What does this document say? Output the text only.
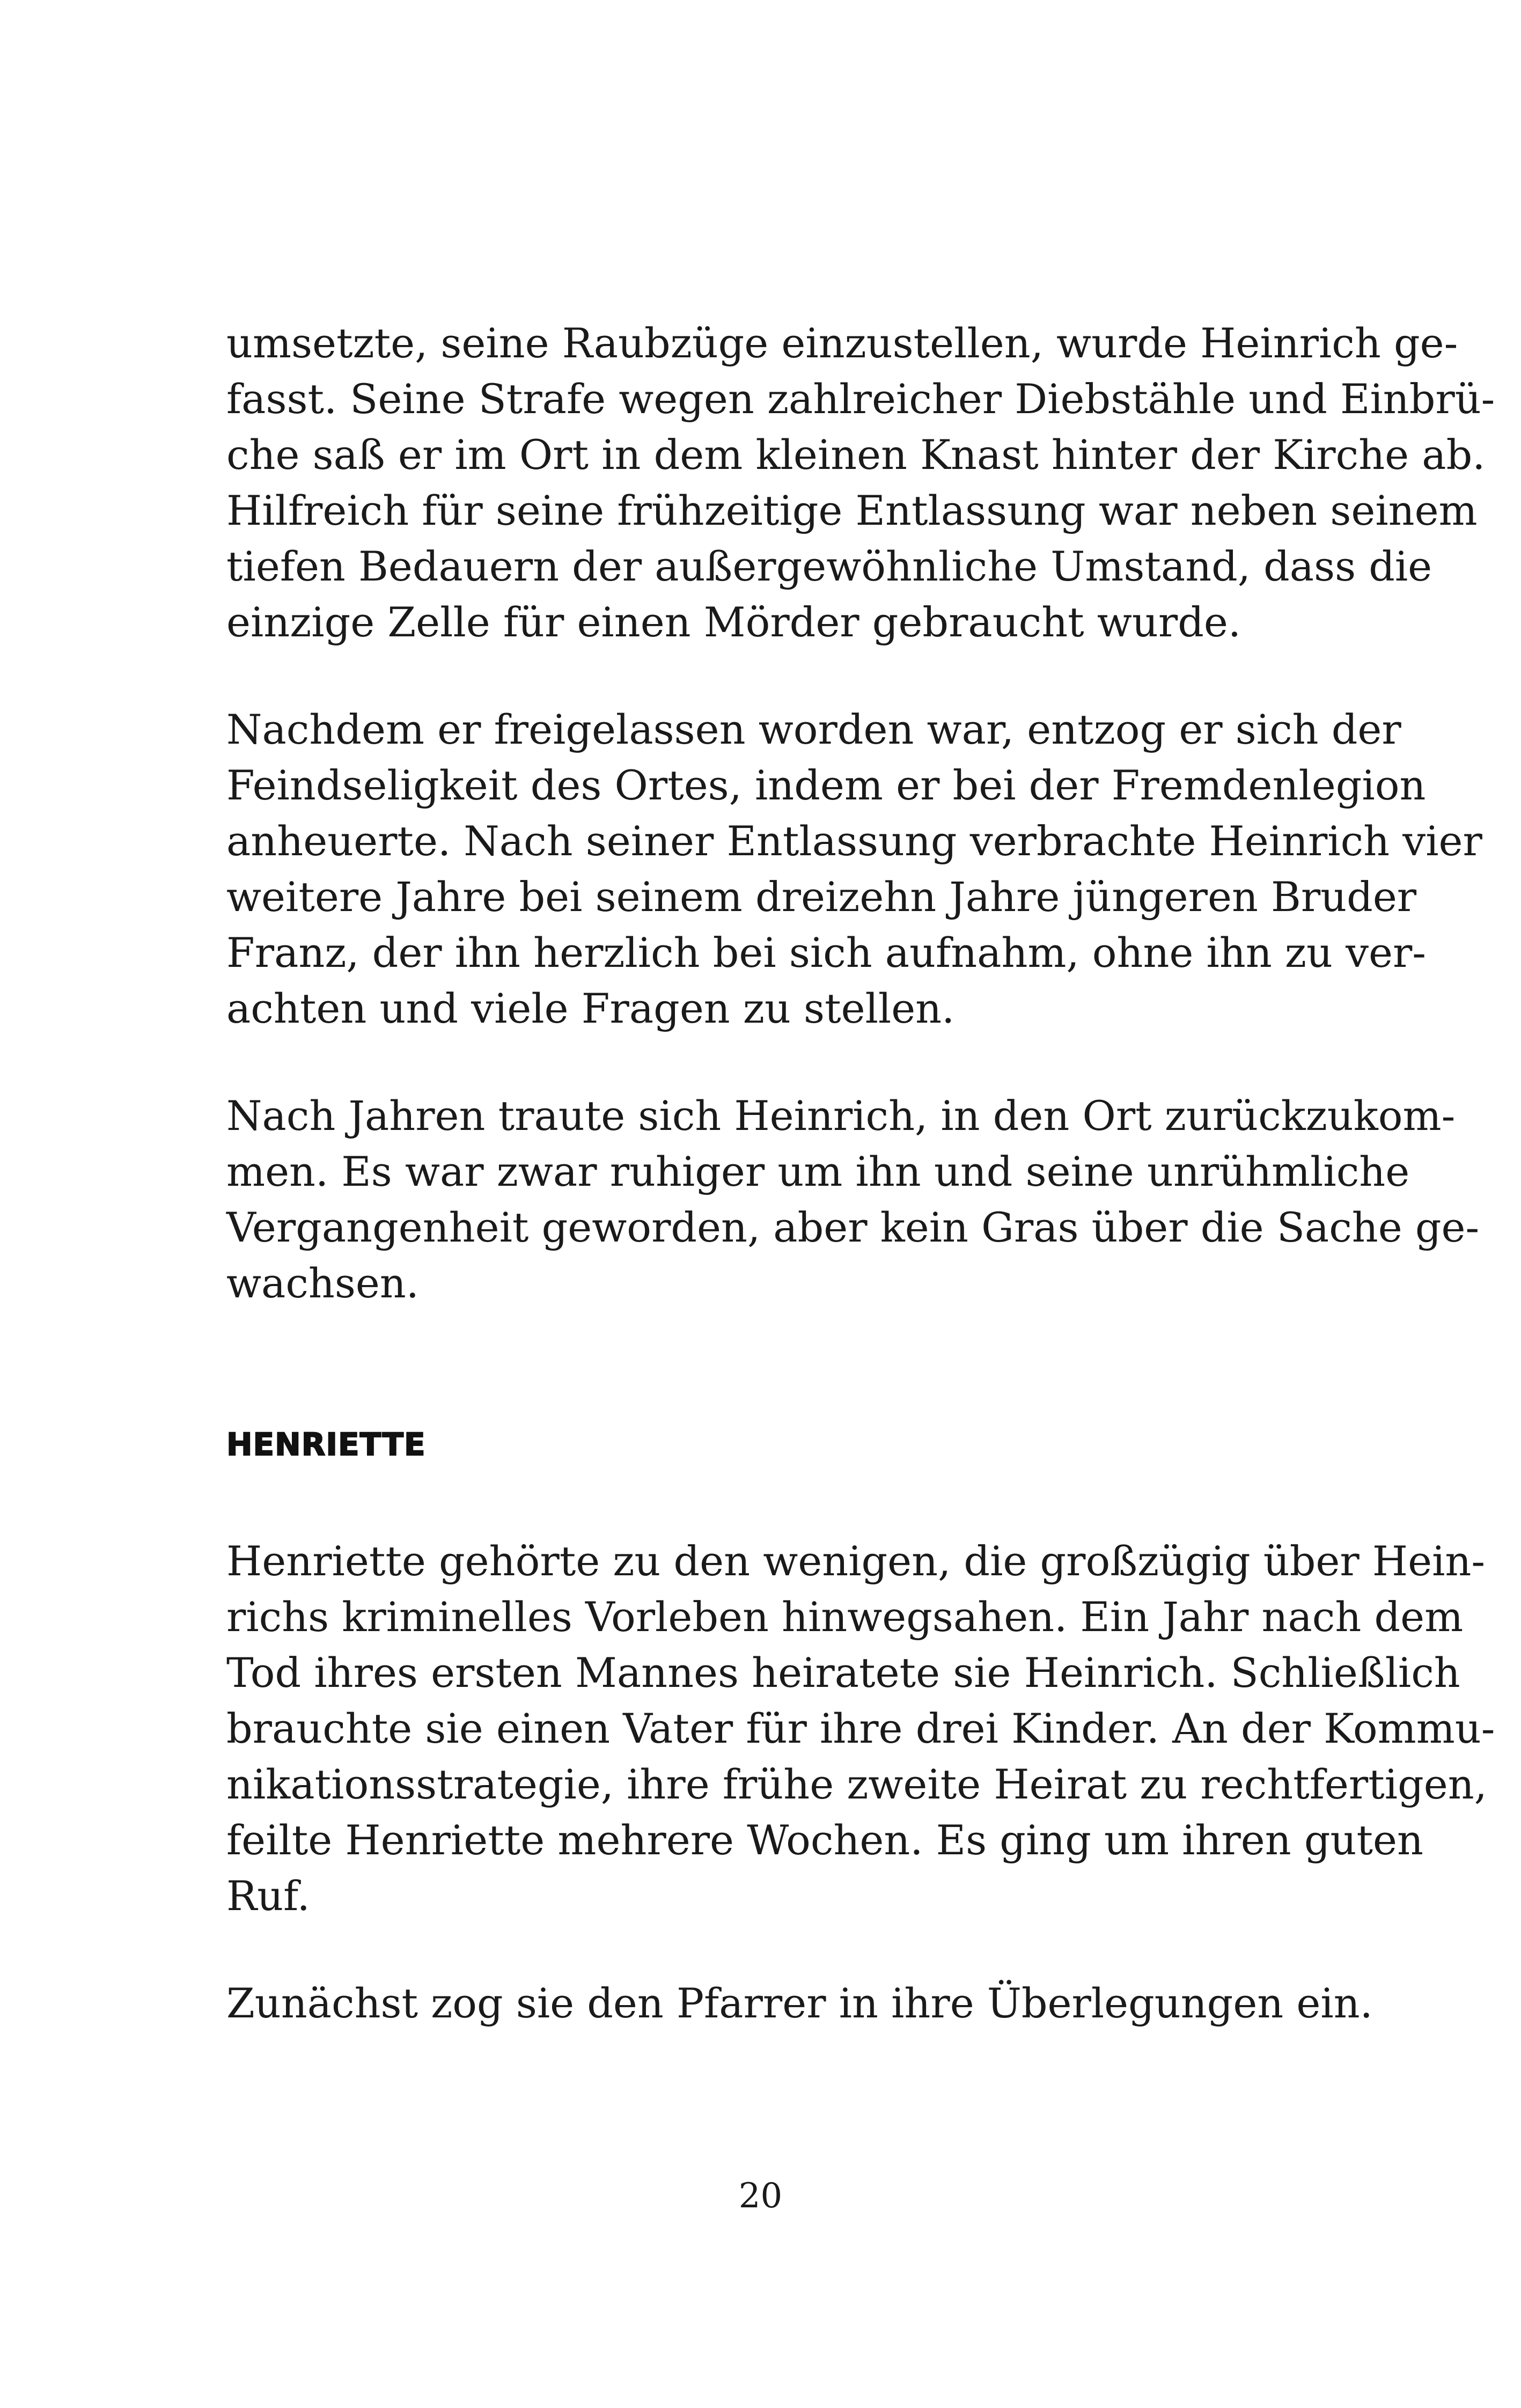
umsetzte, seine Raubzüge einzustellen, wurde Heinrich ge-
fasst. Seine Strafe wegen zahlreicher Diebstähle und Einbrü-
che saß er im Ort in dem kleinen Knast hinter der Kirche ab.
Hilfreich für seine frühzeitige Entlassung war neben seinem
tiefen Bedauern der außergewöhnliche Umstand, dass die
einzige Zelle für einen Mörder gebraucht wurde.
Nachdem er freigelassen worden war, entzog er sich der
Feindseligkeit des Ortes, indem er bei der Fremdenlegion
anheuerte. Nach seiner Entlassung verbrachte Heinrich vier
weitere Jahre bei seinem dreizehn Jahre jüngeren Bruder
Franz, der ihn herzlich bei sich aufnahm, ohne ihn zu ver-
achten und viele Fragen zu stellen.
Nach Jahren traute sich Heinrich, in den Ort zurückzukom-
men. Es war zwar ruhiger um ihn und seine unrühmliche
Vergangenheit geworden, aber kein Gras über die Sache ge-
wachsen.
HENRIETTE
Henriette gehörte zu den wenigen, die großzügig über Hein-
richs kriminelles Vorleben hinwegsahen. Ein Jahr nach dem
Tod ihres ersten Mannes heiratete sie Heinrich. Schließlich
brauchte sie einen Vater für ihre drei Kinder. An der Kommu-
nikationsstrategie, ihre frühe zweite Heirat zu rechtfertigen,
feilte Henriette mehrere Wochen. Es ging um ihren guten
Ruf.
Zunächst zog sie den Pfarrer in ihre Überlegungen ein.
20
